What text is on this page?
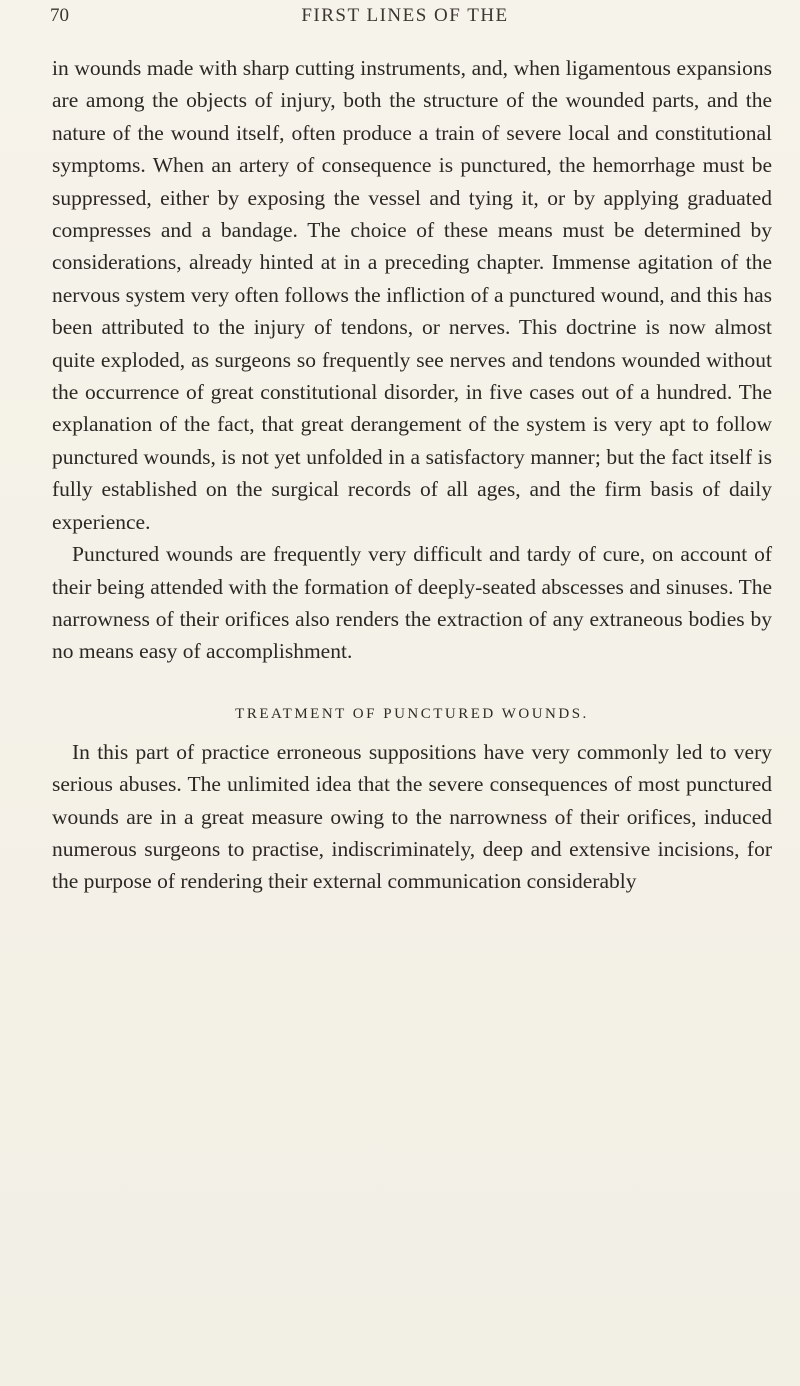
70	FIRST LINES OF THE

in wounds made with sharp cutting instruments, and, when ligamentous expansions are among the objects of injury, both the structure of the wounded parts, and the nature of the wound itself, often produce a train of severe local and constitutional symptoms. When an artery of consequence is punctured, the hemorrhage must be suppressed, either by exposing the vessel and tying it, or by applying graduated compresses and a bandage. The choice of these means must be determined by considerations, already hinted at in a preceding chapter. Immense agitation of the nervous system very often follows the infliction of a punctured wound, and this has been attributed to the injury of tendons, or nerves. This doctrine is now almost quite exploded, as surgeons so frequently see nerves and tendons wounded without the occurrence of great constitutional disorder, in five cases out of a hundred. The explanation of the fact, that great derangement of the system is very apt to follow punctured wounds, is not yet unfolded in a satisfactory manner; but the fact itself is fully established on the surgical records of all ages, and the firm basis of daily experience.

Punctured wounds are frequently very difficult and tardy of cure, on account of their being attended with the formation of deeply-seated abscesses and sinuses. The narrowness of their orifices also renders the extraction of any extraneous bodies by no means easy of accomplishment.

TREATMENT OF PUNCTURED WOUNDS.

In this part of practice erroneous suppositions have very commonly led to very serious abuses. The unlimited idea that the severe consequences of most punctured wounds are in a great measure owing to the narrowness of their orifices, induced numerous surgeons to practise, indiscriminately, deep and extensive incisions, for the purpose of rendering their external communication considerably
